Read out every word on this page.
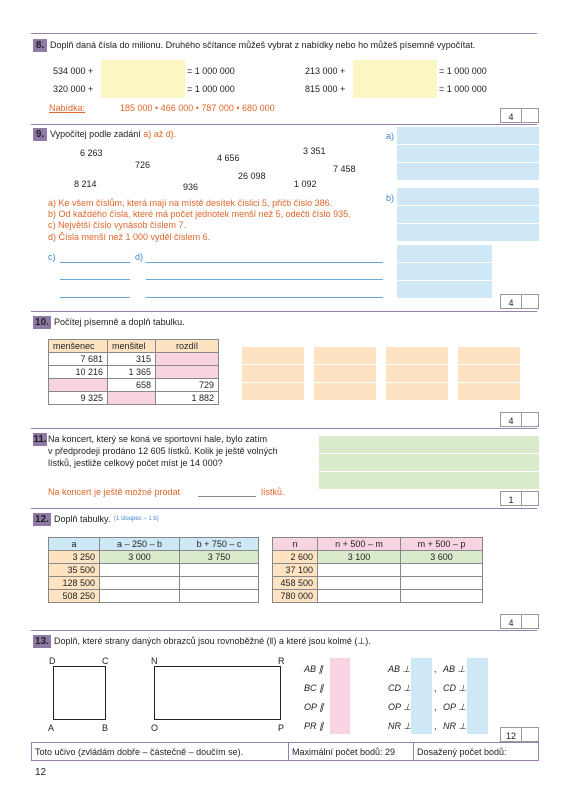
8. Doplň daná čísla do milionu. Druhého sčítance můžeš vybrat z nabídky nebo ho můžeš písemně vypočítat.
534 000 +	= 1 000 000	213 000 +	= 1 000 000
320 000 +	= 1 000 000	815 000 +	= 1 000 000
Nabídka:	185 000 • 466 000 • 787 000 • 680 000
4
9. Vypočítej podle zadání a) až d).
6 263
726
4 656
3 351
7 458
26 098
8 214	936	1 092
a) Ke všem číslům, která mají na místě desítek číslici 5, přičti číslo 386.
b) Od každého čísla, které má počet jednotek menší než 5, odečti číslo 935.
c) Největší číslo vynásob číslem 7.
d) Čísla menší než 1 000 vyděl číslem 6.
c)	d)
a)
b)
4
10. Počítej písemně a doplň tabulku.
menšenec	menšitel	rozdíl
7 681	315	
10 216	1 365	
	658	729
9 325		1 882
4
11. Na koncert, který se koná ve sportovní hale, bylo zatím
v předprodeji prodáno 12 605 lístků. Kolik je ještě volných
lístků, jestliže celkový počet míst je 14 000?
Na koncert je ještě možné prodat	lístků.
1
12. Doplň tabulky. (1 sloupec – 1 b)
a	a – 250 – b	b + 750 – c
3 250	3 000	3 750
35 500		
128 500		
508 250		
n	n + 500 – m	m + 500 – p
2 600	3 100	3 600
37 100		
458 500		
780 000		
4
13. Doplň, které strany daných obrazců jsou rovnoběžné (‖) a které jsou kolmé (⊥).
D	C
A	B
N	R
O	P
AB ∥
BC ∥
OP ∥
PR ∥
AB ⊥	, AB ⊥
CD ⊥	, CD ⊥
OP ⊥	, OP ⊥
NR ⊥	, NR ⊥
12
Toto učivo (zvládám dobře – částečně – doučím se).	Maximální počet bodů: 29 Dosažený počet bodů:
12
